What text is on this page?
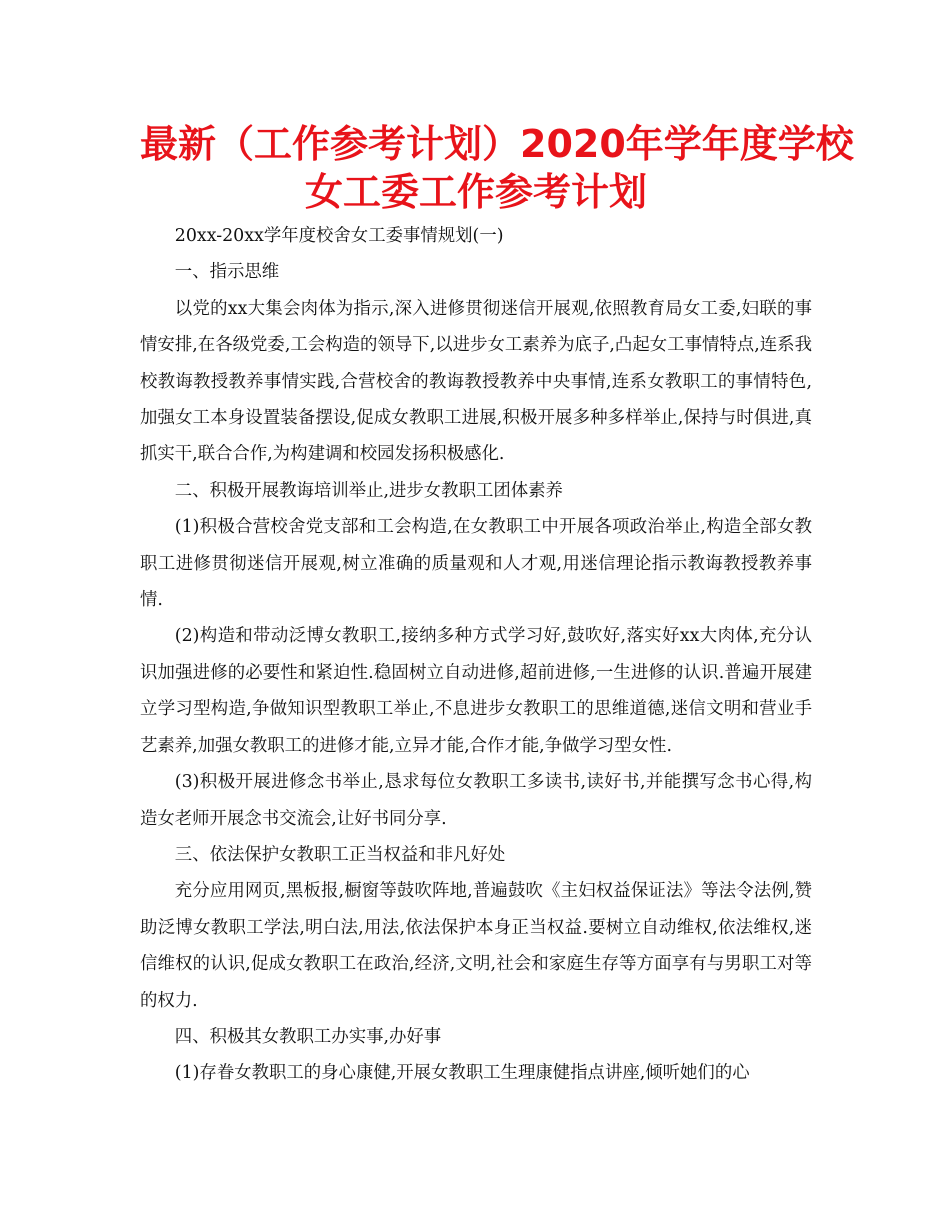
最新（工作参考计划）2020年学年度学校
女工委工作参考计划

20xx-20xx学年度校舍女工委事情规划(一)

一、指示思维

以党的xx大集会肉体为指示,深入进修贯彻迷信开展观,依照教育局女工委,妇联的事情安排,在各级党委,工会构造的领导下,以进步女工素养为底子,凸起女工事情特点,连系我校教诲教授教养事情实践,合营校舍的教诲教授教养中央事情,连系女教职工的事情特色,加强女工本身设置装备摆设,促成女教职工进展,积极开展多种多样举止,保持与时俱进,真抓实干,联合合作,为构建调和校园发扬积极感化.

二、积极开展教诲培训举止,进步女教职工团体素养

(1)积极合营校舍党支部和工会构造,在女教职工中开展各项政治举止,构造全部女教职工进修贯彻迷信开展观,树立准确的质量观和人才观,用迷信理论指示教诲教授教养事情.

(2)构造和带动泛博女教职工,接纳多种方式学习好,鼓吹好,落实好xx大肉体,充分认识加强进修的必要性和紧迫性.稳固树立自动进修,超前进修,一生进修的认识.普遍开展建立学习型构造,争做知识型教职工举止,不息进步女教职工的思维道德,迷信文明和营业手艺素养,加强女教职工的进修才能,立异才能,合作才能,争做学习型女性.

(3)积极开展进修念书举止,恳求每位女教职工多读书,读好书,并能撰写念书心得,构造女老师开展念书交流会,让好书同分享.

三、依法保护女教职工正当权益和非凡好处

充分应用网页,黑板报,橱窗等鼓吹阵地,普遍鼓吹《主妇权益保证法》等法令法例,赞助泛博女教职工学法,明白法,用法,依法保护本身正当权益.要树立自动维权,依法维权,迷信维权的认识,促成女教职工在政治,经济,文明,社会和家庭生存等方面享有与男职工对等的权力.

四、积极其女教职工办实事,办好事

(1)存眷女教职工的身心康健,开展女教职工生理康健指点讲座,倾听她们的心
